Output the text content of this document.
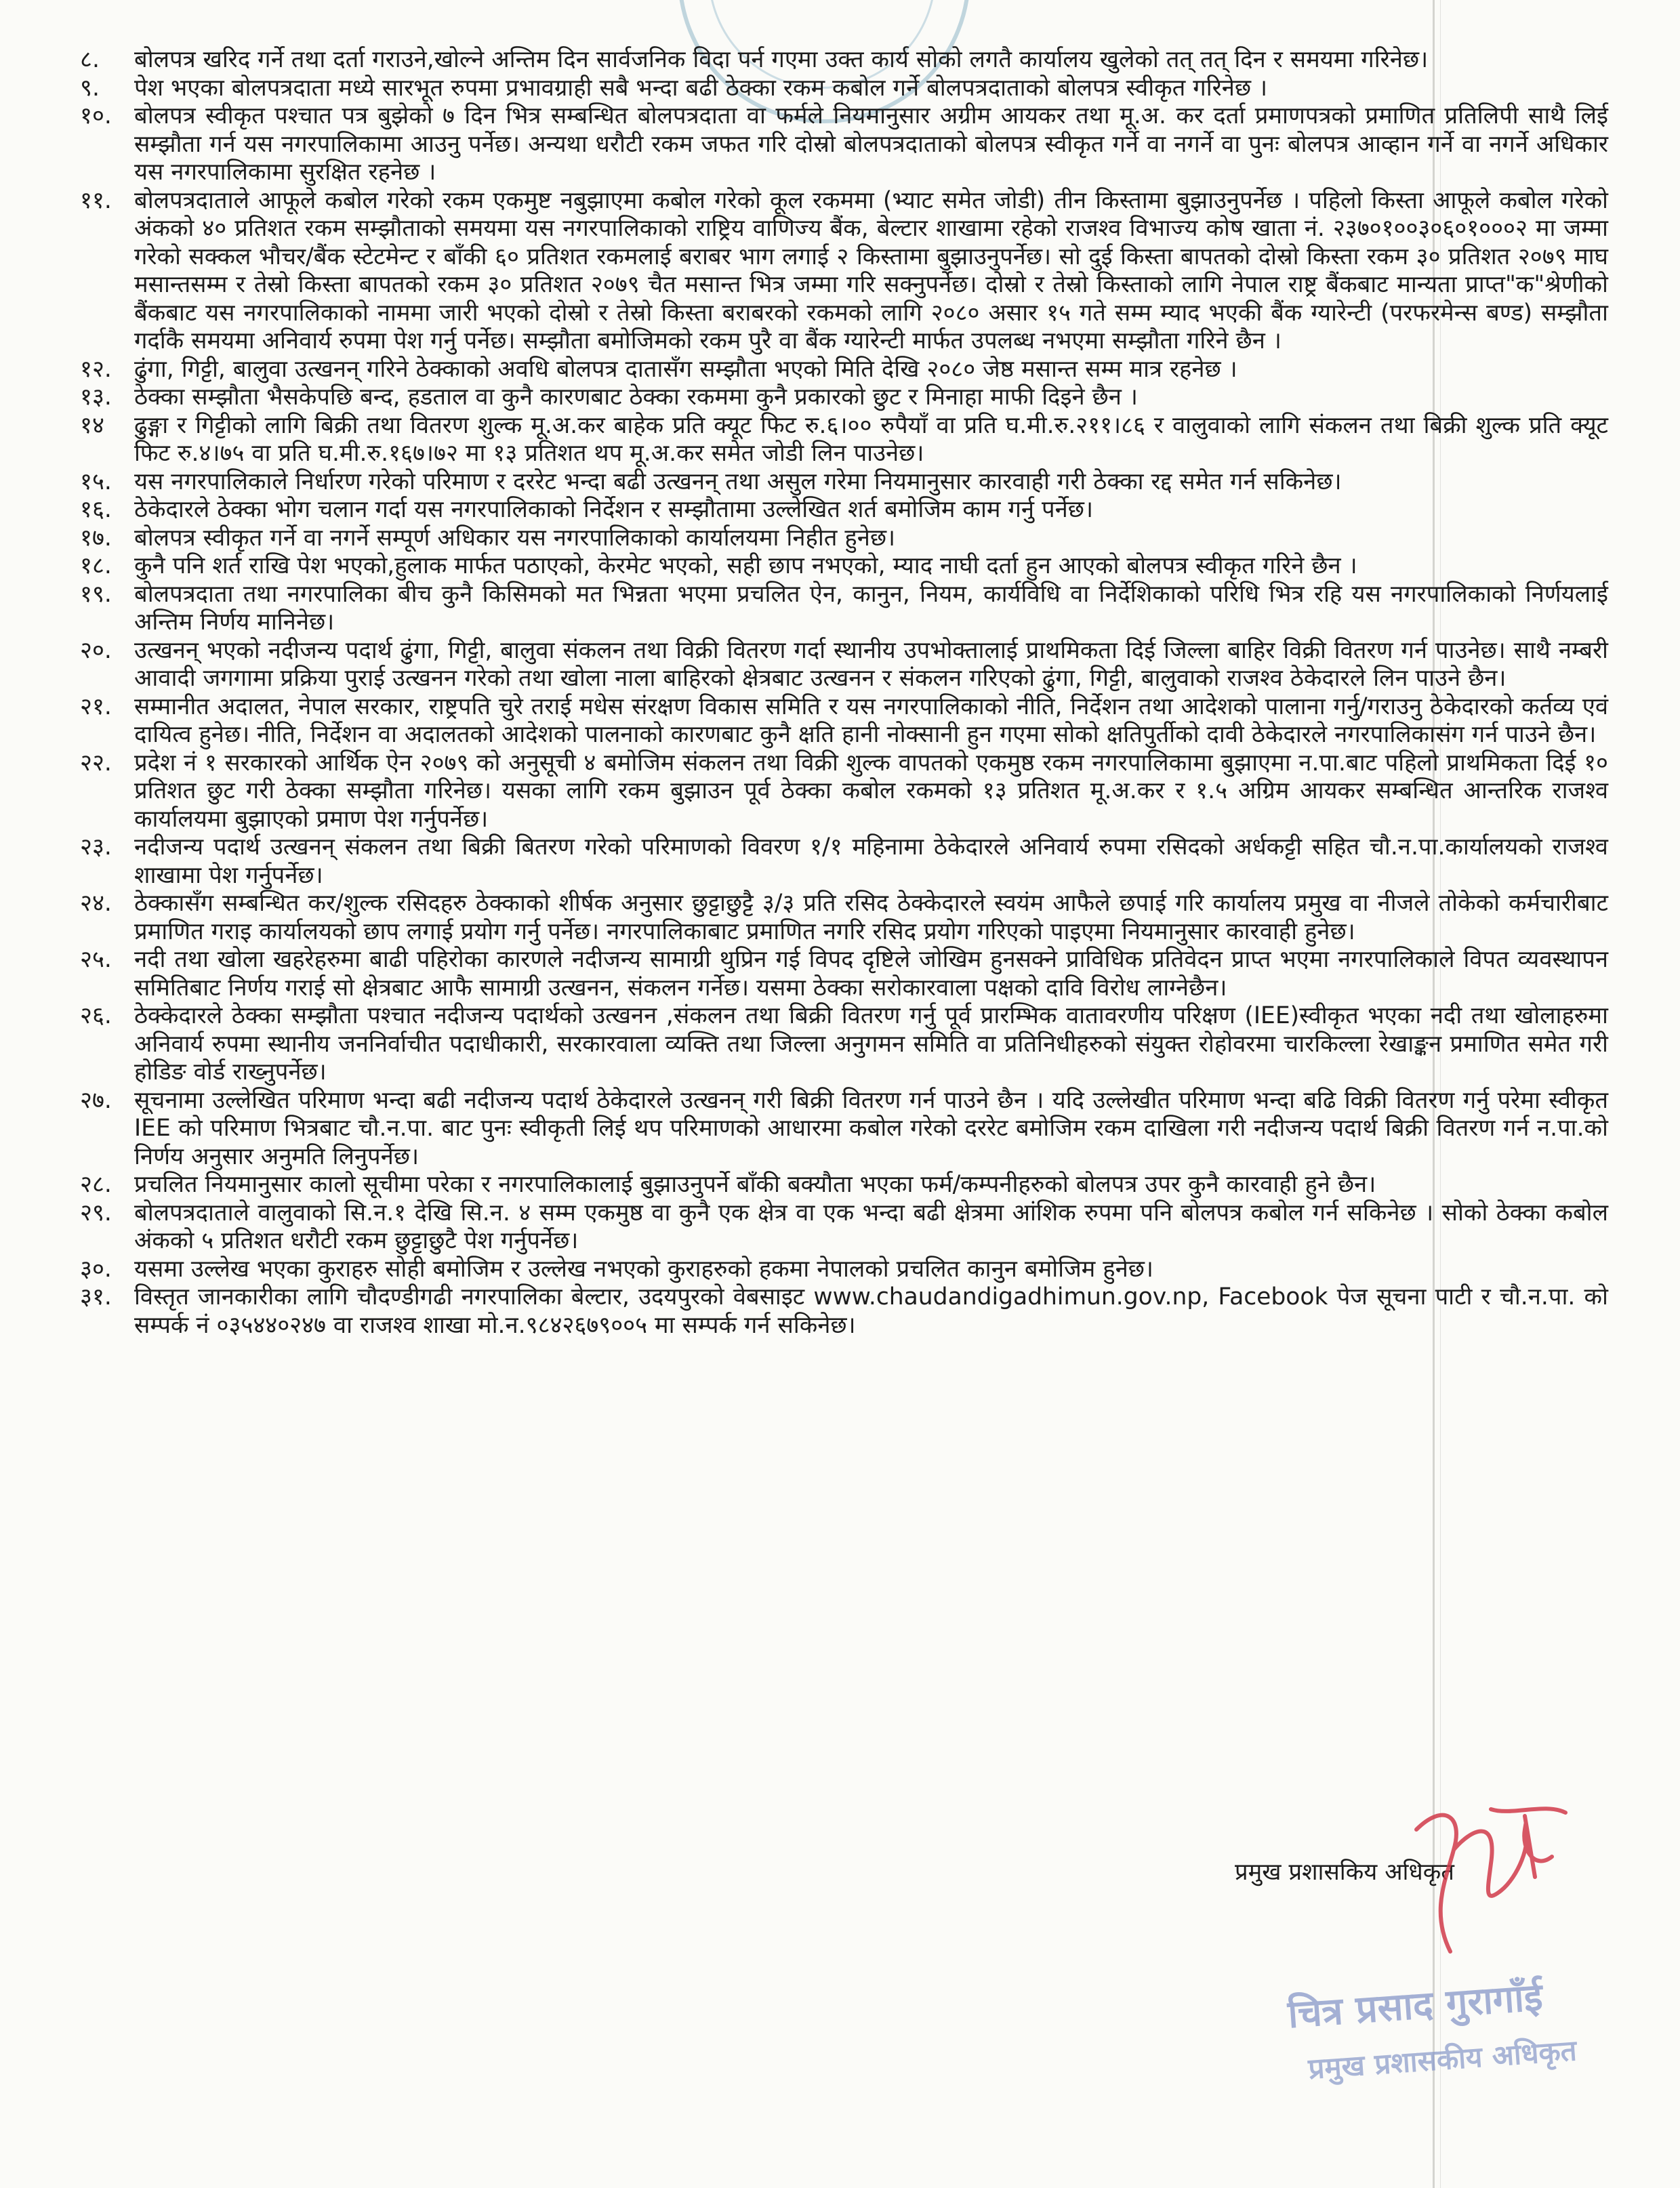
८.	बोलपत्र खरिद गर्ने तथा दर्ता गराउने,खोल्ने अन्तिम दिन सार्वजनिक विदा पर्न गएमा उक्त कार्य सोको लगतै कार्यालय खुलेको तत् तत् दिन र समयमा गरिनेछ।
९.	पेश भएका बोलपत्रदाता मध्ये सारभूत रुपमा प्रभावग्राही सबै भन्दा बढी ठेक्का रकम कबोल गर्ने बोलपत्रदाताको बोलपत्र स्वीकृत गरिनेछ ।
१०. बोलपत्र स्वीकृत पश्चात पत्र बुझेको ७ दिन भित्र सम्बन्धित बोलपत्रदाता वा फर्मले नियमानुसार अग्रीम आयकर तथा मू.अ. कर दर्ता प्रमाणपत्रको प्रमाणित प्रतिलिपी साथै लिई सम्झौता गर्न यस नगरपालिकामा आउनु पर्नेछ। अन्यथा धरौटी रकम जफत गरि दोस्रो बोलपत्रदाताको बोलपत्र स्वीकृत गर्ने वा नगर्ने वा पुनः बोलपत्र आव्हान गर्ने वा नगर्ने अधिकार यस नगरपालिकामा सुरक्षित रहनेछ ।
११. बोलपत्रदाताले आफूले कबोल गरेको रकम एकमुष्ट नबुझाएमा कबोल गरेको कूल रकममा (भ्याट समेत जोडी) तीन किस्तामा बुझाउनुपर्नेछ । पहिलो किस्ता आफूले कबोल गरेको अंकको ४० प्रतिशत रकम सम्झौताको समयमा यस नगरपालिकाको राष्ट्रिय वाणिज्य बैंक, बेल्टार शाखामा रहेको राजश्व विभाज्य कोष खाता नं. २३७०१००३०६०१०००२ मा जम्मा गरेको सक्कल भौचर/बैंक स्टेटमेन्ट र बाँकी ६० प्रतिशत रकमलाई बराबर भाग लगाई २ किस्तामा बुझाउनुपर्नेछ। सो दुई किस्ता बापतको दोस्रो किस्ता रकम ३० प्रतिशत २०७९ माघ मसान्तसम्म र तेस्रो किस्ता बापतको रकम ३० प्रतिशत २०७९ चैत मसान्त भित्र जम्मा गरि सक्नुपर्नेछ। दोस्रो र तेस्रो किस्ताको लागि नेपाल राष्ट्र बैंकबाट मान्यता प्राप्त"क"श्रेणीको बैंकबाट यस नगरपालिकाको नाममा जारी भएको दोस्रो र तेस्रो किस्ता बराबरको रकमको लागि २०८० असार १५ गते सम्म म्याद भएकी बैंक ग्यारेन्टी (परफरमेन्स बण्ड) सम्झौता गर्दाकै समयमा अनिवार्य रुपमा पेश गर्नु पर्नेछ। सम्झौता बमोजिमको रकम पुरै वा बैंक ग्यारेन्टी मार्फत उपलब्ध नभएमा सम्झौता गरिने छैन ।
१२. ढुंगा, गिट्टी, बालुवा उत्खनन् गरिने ठेक्काको अवधि बोलपत्र दातासँग सम्झौता भएको मिति देखि २०८० जेष्ठ मसान्त सम्म मात्र रहनेछ ।
१३. ठेक्का सम्झौता भैसकेपछि बन्द, हडताल वा कुनै कारणबाट ठेक्का रकममा कुनै प्रकारको छुट र मिनाहा माफी दिइने छैन ।
१४	ढुङ्गा र गिट्टीको लागि बिक्री तथा वितरण शुल्क मू.अ.कर बाहेक प्रति क्यूट फिट रु.६।०० रुपैयाँ वा प्रति घ.मी.रु.२११।८६ र वालुवाको लागि संकलन तथा बिक्री शुल्क प्रति क्यूट फिट रु.४।७५ वा प्रति घ.मी.रु.१६७।७२ मा १३ प्रतिशत थप मू.अ.कर समेत जोडी लिन पाउनेछ।
१५. यस नगरपालिकाले निर्धारण गरेको परिमाण र दररेट भन्दा बढी उत्खनन् तथा असुल गरेमा नियमानुसार कारवाही गरी ठेक्का रद्द समेत गर्न सकिनेछ।
१६. ठेकेदारले ठेक्का भोग चलान गर्दा यस नगरपालिकाको निर्देशन र सम्झौतामा उल्लेखित शर्त बमोजिम काम गर्नु पर्नेछ।
१७. बोलपत्र स्वीकृत गर्ने वा नगर्ने सम्पूर्ण अधिकार यस नगरपालिकाको कार्यालयमा निहीत हुनेछ।
१८. कुनै पनि शर्त राखि पेश भएको,हुलाक मार्फत पठाएको, केरमेट भएको, सही छाप नभएको, म्याद नाघी दर्ता हुन आएको बोलपत्र स्वीकृत गरिने छैन ।
१९. बोलपत्रदाता तथा नगरपालिका बीच कुनै किसिमको मत भिन्नता भएमा प्रचलित ऐन, कानुन, नियम, कार्यविधि वा निर्देशिकाको परिधि भित्र रहि यस नगरपालिकाको निर्णयलाई अन्तिम निर्णय मानिनेछ।
२०. उत्खनन् भएको नदीजन्य पदार्थ ढुंगा, गिट्टी, बालुवा संकलन तथा विक्री वितरण गर्दा स्थानीय उपभोक्तालाई प्राथमिकता दिई जिल्ला बाहिर विक्री वितरण गर्न पाउनेछ। साथै नम्बरी आवादी जगगामा प्रक्रिया पुराई उत्खनन गरेको तथा खोला नाला बाहिरको क्षेत्रबाट उत्खनन र संकलन गरिएको ढुंगा, गिट्टी, बालुवाको राजश्व ठेकेदारले लिन पाउने छैन।
२१. सम्मानीत अदालत, नेपाल सरकार, राष्ट्रपति चुरे तराई मधेस संरक्षण विकास समिति र यस नगरपालिकाको नीति, निर्देशन तथा आदेशको पालाना गर्नु/गराउनु ठेकेदारको कर्तव्य एवं दायित्व हुनेछ। नीति, निर्देशन वा अदालतको आदेशको पालनाको कारणबाट कुनै क्षति हानी नोक्सानी हुन गएमा सोको क्षतिपुर्तीको दावी ठेकेदारले नगरपालिकासंग गर्न पाउने छैन।
२२. प्रदेश नं १ सरकारको आर्थिक ऐन २०७९ को अनुसूची ४ बमोजिम संकलन तथा विक्री शुल्क वापतको एकमुष्ठ रकम नगरपालिकामा बुझाएमा न.पा.बाट पहिलो प्राथमिकता दिई १० प्रतिशत छुट गरी ठेक्का सम्झौता गरिनेछ। यसका लागि रकम बुझाउन पूर्व ठेक्का कबोल रकमको १३ प्रतिशत मू.अ.कर र १.५ अग्रिम आयकर सम्बन्धित आन्तरिक राजश्व कार्यालयमा बुझाएको प्रमाण पेश गर्नुपर्नेछ।
२३. नदीजन्य पदार्थ उत्खनन् संकलन तथा बिक्री बितरण गरेको परिमाणको विवरण १/१ महिनामा ठेकेदारले अनिवार्य रुपमा रसिदको अर्धकट्टी सहित चौ.न.पा.कार्यालयको राजश्व शाखामा पेश गर्नुपर्नेछ।
२४. ठेक्कासँग सम्बन्धित कर/शुल्क रसिदहरु ठेक्काको शीर्षक अनुसार छुट्टाछुट्टै ३/३ प्रति रसिद ठेक्केदारले स्वयंम आफैले छपाई गरि कार्यालय प्रमुख वा नीजले तोकेको कर्मचारीबाट प्रमाणित गराइ कार्यालयको छाप लगाई प्रयोग गर्नु पर्नेछ। नगरपालिकाबाट प्रमाणित नगरि रसिद प्रयोग गरिएको पाइएमा नियमानुसार कारवाही हुनेछ।
२५. नदी तथा खोला खहरेहरुमा बाढी पहिरोका कारणले नदीजन्य सामाग्री थुप्रिन गई विपद दृष्टिले जोखिम हुनसक्ने प्राविधिक प्रतिवेदन प्राप्त भएमा नगरपालिकाले विपत व्यवस्थापन समितिबाट निर्णय गराई सो क्षेत्रबाट आफै सामाग्री उत्खनन, संकलन गर्नेछ। यसमा ठेक्का सरोकारवाला पक्षको दावि विरोध लाग्नेछैन।
२६. ठेक्केदारले ठेक्का सम्झौता पश्चात नदीजन्य पदार्थको उत्खनन ,संकलन तथा बिक्री वितरण गर्नु पूर्व प्रारम्भिक वातावरणीय परिक्षण (IEE)स्वीकृत भएका नदी तथा खोलाहरुमा अनिवार्य रुपमा स्थानीय जननिर्वाचीत पदाधीकारी, सरकारवाला व्यक्ति तथा जिल्ला अनुगमन समिति वा प्रतिनिधीहरुको संयुक्त रोहोवरमा चारकिल्ला रेखाङ्कन प्रमाणित समेत गरी होडिङ वोर्ड राख्नुपर्नेछ।
२७. सूचनामा उल्लेखित परिमाण भन्दा बढी नदीजन्य पदार्थ ठेकेदारले उत्खनन् गरी बिक्री वितरण गर्न पाउने छैन । यदि उल्लेखीत परिमाण भन्दा बढि विक्री वितरण गर्नु परेमा स्वीकृत IEE को परिमाण भित्रबाट चौ.न.पा. बाट पुनः स्वीकृती लिई थप परिमाणको आधारमा कबोल गरेको दररेट बमोजिम रकम दाखिला गरी नदीजन्य पदार्थ बिक्री वितरण गर्न न.पा.को निर्णय अनुसार अनुमति लिनुपर्नेछ।
२८. प्रचलित नियमानुसार कालो सूचीमा परेका र नगरपालिकालाई बुझाउनुपर्ने बाँकी बक्यौता भएका फर्म/कम्पनीहरुको बोलपत्र उपर कुनै कारवाही हुने छैन।
२९. बोलपत्रदाताले वालुवाको सि.न.१ देखि सि.न. ४ सम्म एकमुष्ठ वा कुनै एक क्षेत्र वा एक भन्दा बढी क्षेत्रमा आंशिक रुपमा पनि बोलपत्र कबोल गर्न सकिनेछ । सोको ठेक्का कबोल अंकको ५ प्रतिशत धरौटी रकम छुट्टाछुटै पेश गर्नुपर्नेछ।
३०. यसमा उल्लेख भएका कुराहरु सोही बमोजिम र उल्लेख नभएको कुराहरुको हकमा नेपालको प्रचलित कानुन बमोजिम हुनेछ।
३१. विस्तृत जानकारीका लागि चौदण्डीगढी नगरपालिका बेल्टार, उदयपुरको वेबसाइट www.chaudandigadhimun.gov.np, Facebook पेज सूचना पाटी र चौ.न.पा. को सम्पर्क नं ०३५४४०२४७ वा राजश्व शाखा मो.न.९८४२६७९००५ मा सम्पर्क गर्न सकिनेछ।
प्रमुख प्रशासकिय अधिकृत
चित्र प्रसाद गुरागाँई
प्रमुख प्रशासकीय अधिकृत
